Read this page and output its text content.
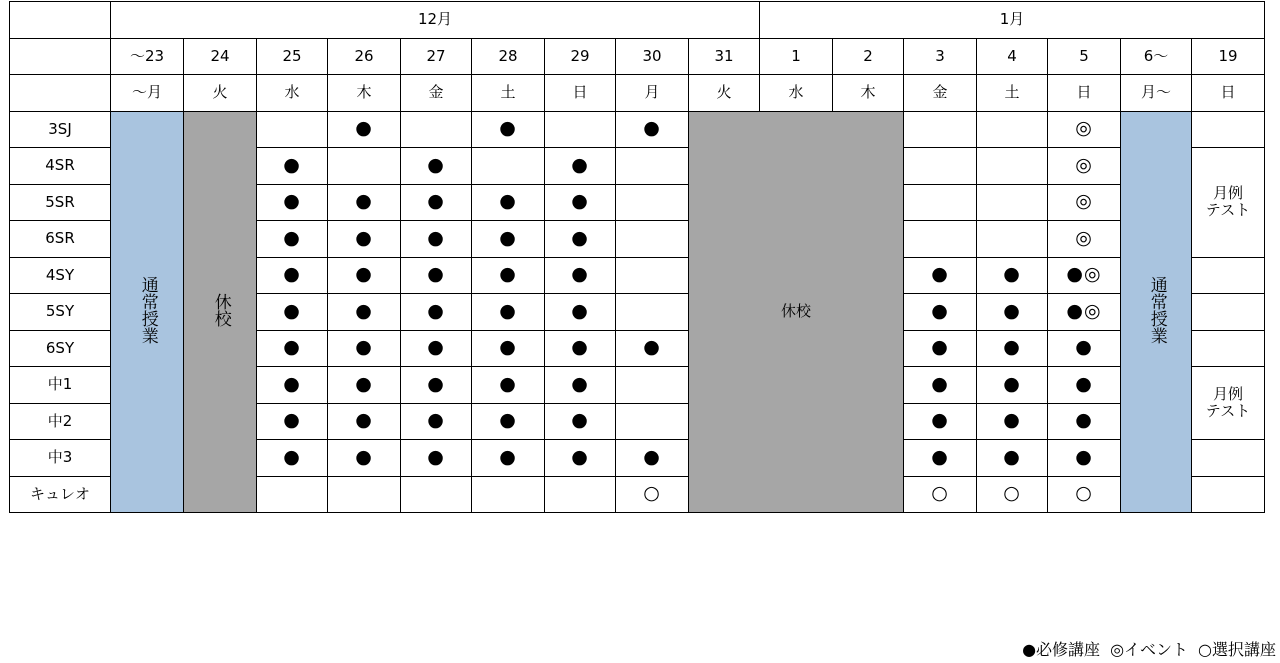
	12月									1月						
	～23	24	25	26	27	28	29	30	31	1	2	3	4	5	6～	19
	～月	火	水	木	金	土	日	月	火	水	木	金	土	日	月～	日
3SJ	通常授業	休校		●		●		●	休校					◎	通常授業	
4SR			●		●		●							◎		月例
テスト
5SR			●	●	●	●	●							◎		
6SR			●	●	●	●	●							◎		
4SY			●	●	●	●	●					●	●	●◎		
5SY			●	●	●	●	●					●	●	●◎		
6SY			●	●	●	●	●	●				●	●	●		
中1			●	●	●	●	●					●	●	●		月例
テスト
中2			●	●	●	●	●					●	●	●		
中3			●	●	●	●	●	●				●	●	●		
キュレオ								○				○	○	○		
●必修講座 ◎イベント ○選択講座
